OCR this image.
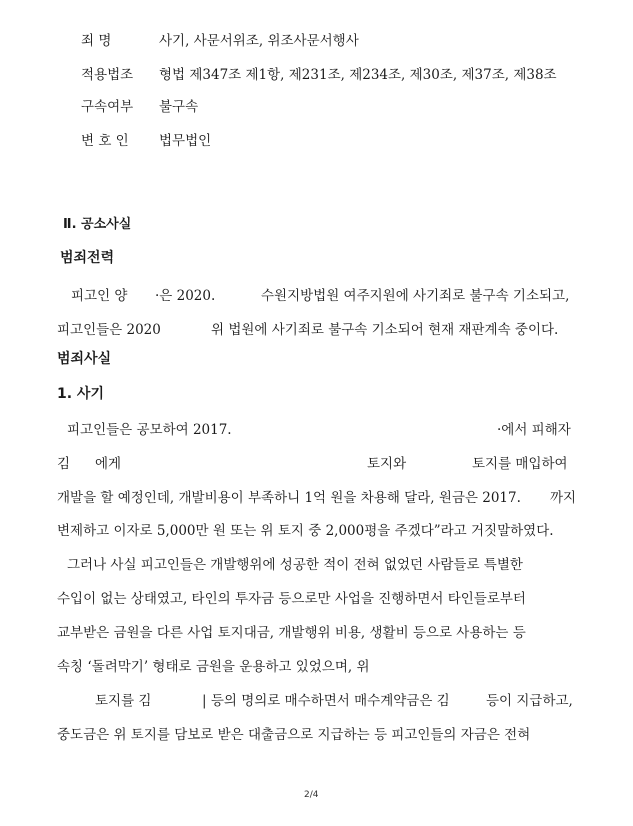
죄 명	사기, 사문서위조, 위조사문서행사
적용법조 형법 제347조 제1항, 제231조, 제234조, 제30조, 제37조, 제38조
구속여부 불구속
변 호 인 법무법인
Ⅱ. 공소사실
범죄전력
피고인 양 ·은 2020.	수원지방법원 여주지원에 사기죄로 불구속 기소되고,
피고인들은 2020	위 법원에 사기죄로 불구속 기소되어 현재 재판계속 중이다.
범죄사실
1. 사기
피고인들은 공모하여 2017.	·에서 피해자
김 에게	토지와	토지를 매입하여
개발을 할 예정인데, 개발비용이 부족하니 1억 원을 차용해 달라, 원금은 2017. 까지
변제하고 이자로 5,000만 원 또는 위 토지 중 2,000평을 주겠다”라고 거짓말하였다.
그러나 사실 피고인들은 개발행위에 성공한 적이 전혀 없었던 사람들로 특별한
수입이 없는 상태였고, 타인의 투자금 등으로만 사업을 진행하면서 타인들로부터
교부받은 금원을 다른 사업 토지대금, 개발행위 비용, 생활비 등으로 사용하는 등
속칭 ‘돌려막기’ 형태로 금원을 운용하고 있었으며, 위
토지를 김	| 등의 명의로 매수하면서 매수계약금은 김	등이 지급하고,
중도금은 위 토지를 담보로 받은 대출금으로 지급하는 등 피고인들의 자금은 전혀
2/4
